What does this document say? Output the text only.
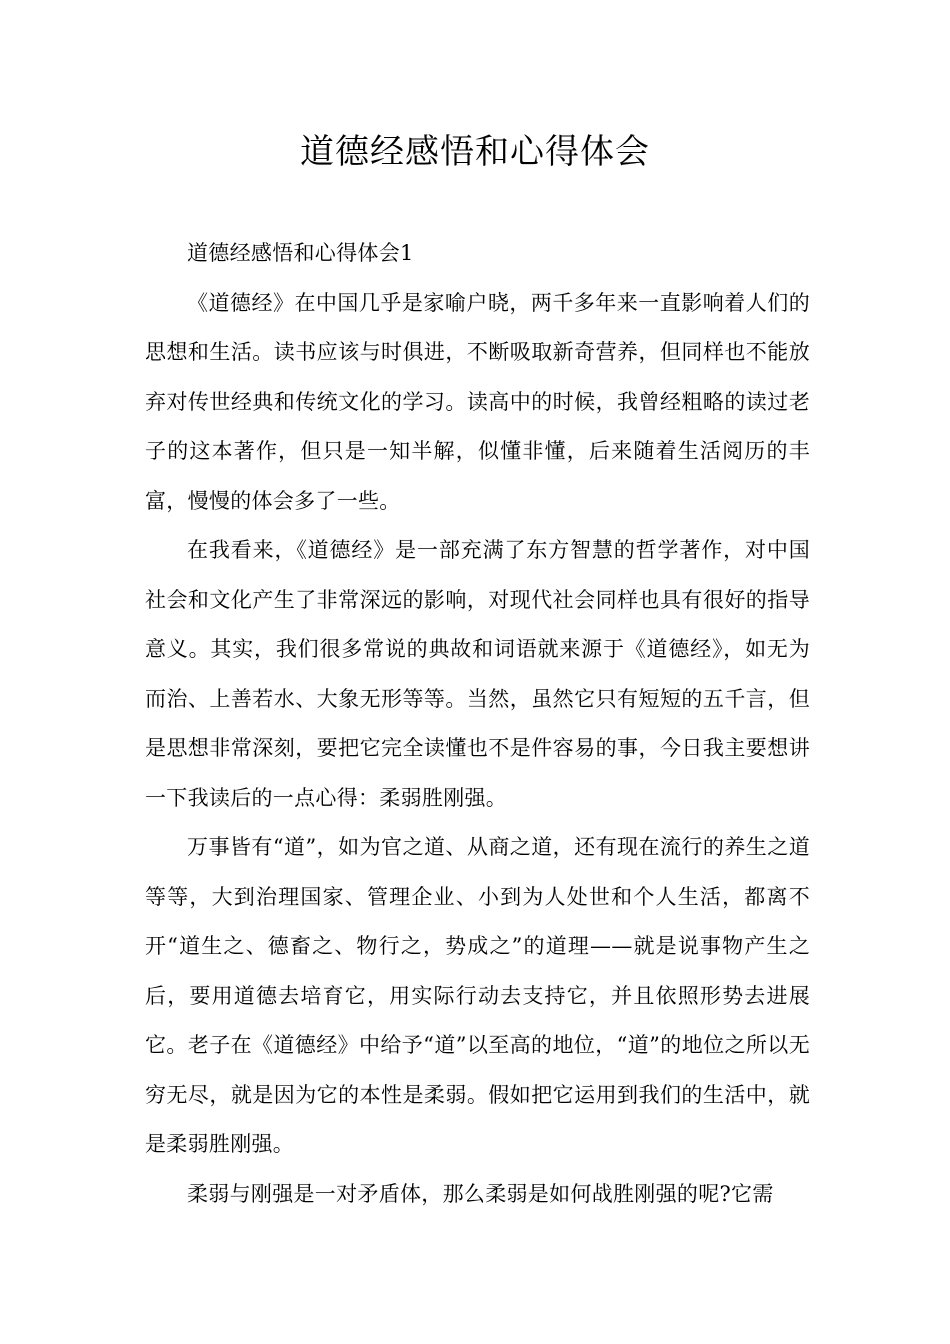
道德经感悟和心得体会

道德经感悟和心得体会1

《道德经》在中国几乎是家喻户晓，两千多年来一直影响着人们的思想和生活。读书应该与时俱进，不断吸取新奇营养，但同样也不能放弃对传世经典和传统文化的学习。读高中的时候，我曾经粗略的读过老子的这本著作，但只是一知半解，似懂非懂，后来随着生活阅历的丰富，慢慢的体会多了一些。

在我看来，《道德经》是一部充满了东方智慧的哲学著作，对中国社会和文化产生了非常深远的影响，对现代社会同样也具有很好的指导意义。其实，我们很多常说的典故和词语就来源于《道德经》，如无为而治、上善若水、大象无形等等。当然，虽然它只有短短的五千言，但是思想非常深刻，要把它完全读懂也不是件容易的事，今日我主要想讲一下我读后的一点心得：柔弱胜刚强。

万事皆有“道”，如为官之道、从商之道，还有现在流行的养生之道等等，大到治理国家、管理企业、小到为人处世和个人生活，都离不开“道生之、德畜之、物行之，势成之”的道理——就是说事物产生之后，要用道德去培育它，用实际行动去支持它，并且依照形势去进展它。老子在《道德经》中给予“道”以至高的地位，“道”的地位之所以无穷无尽，就是因为它的本性是柔弱。假如把它运用到我们的生活中，就是柔弱胜刚强。

柔弱与刚强是一对矛盾体，那么柔弱是如何战胜刚强的呢?它需
